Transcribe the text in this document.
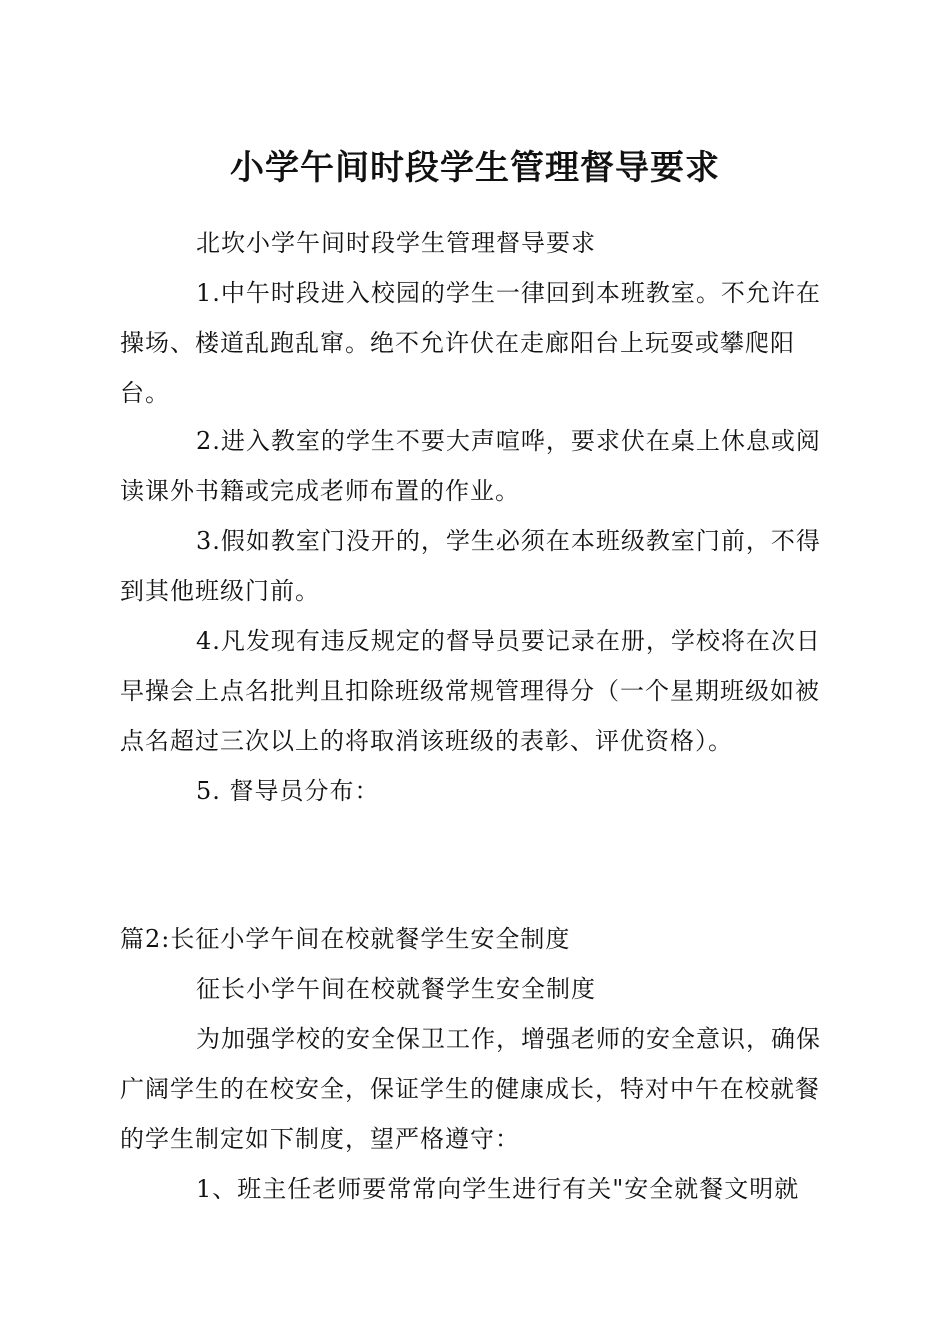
小学午间时段学生管理督导要求

北坎小学午间时段学生管理督导要求

1.中午时段进入校园的学生一律回到本班教室。不允许在操场、楼道乱跑乱窜。绝不允许伏在走廊阳台上玩耍或攀爬阳台。

2.进入教室的学生不要大声喧哗，要求伏在桌上休息或阅读课外书籍或完成老师布置的作业。

3.假如教室门没开的，学生必须在本班级教室门前，不得到其他班级门前。

4.凡发现有违反规定的督导员要记录在册，学校将在次日早操会上点名批判且扣除班级常规管理得分（一个星期班级如被点名超过三次以上的将取消该班级的表彰、评优资格）。

5. 督导员分布：

篇2:长征小学午间在校就餐学生安全制度

征长小学午间在校就餐学生安全制度

为加强学校的安全保卫工作，增强老师的安全意识，确保广阔学生的在校安全，保证学生的健康成长，特对中午在校就餐的学生制定如下制度，望严格遵守：

1、班主任老师要常常向学生进行有关"安全就餐文明就
